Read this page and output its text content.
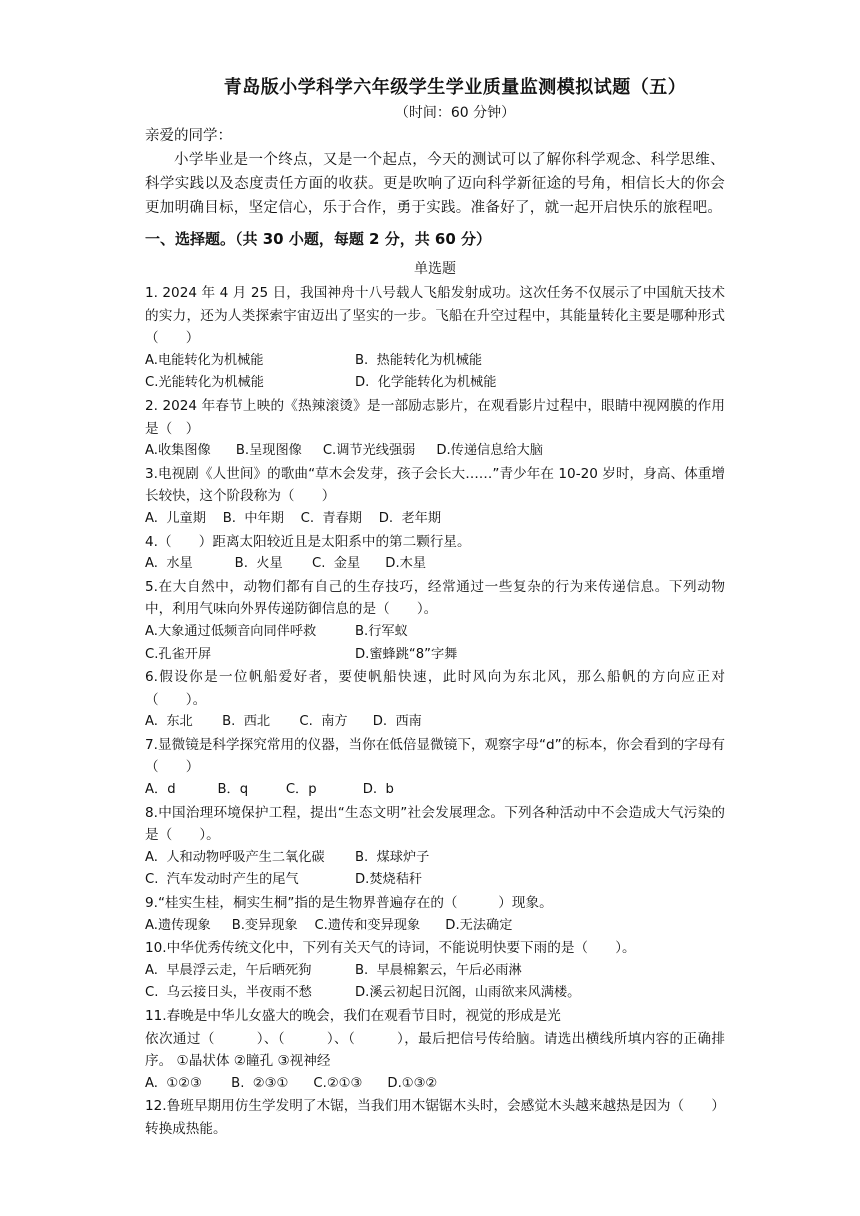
青岛版小学科学六年级学生学业质量监测模拟试题（五）
（时间：60 分钟）
亲爱的同学：
小学毕业是一个终点，又是一个起点，今天的测试可以了解你科学观念、科学思维、科学实践以及态度责任方面的收获。更是吹响了迈向科学新征途的号角，相信长大的你会更加明确目标，坚定信心，乐于合作，勇于实践。准备好了，就一起开启快乐的旅程吧。
一、选择题。（共 30 小题，每题 2 分，共 60 分）
单选题
1. 2024 年 4 月 25 日，我国神舟十八号载人飞船发射成功。这次任务不仅展示了中国航天技术的实力，还为人类探索宇宙迈出了坚实的一步。飞船在升空过程中，其能量转化主要是哪种形式（　　）
A.电能转化为机械能	B.  热能转化为机械能
C.光能转化为机械能	D.  化学能转化为机械能
2. 2024 年春节上映的《热辣滚烫》是一部励志影片，在观看影片过程中，眼睛中视网膜的作用是（　）
A.收集图像      B.呈现图像     C.调节光线强弱     D.传递信息给大脑
3.电视剧《人世间》的歌曲“草木会发芽，孩子会长大……”青少年在 10-20 岁时，身高、体重增长较快，这个阶段称为（　　）
A.  儿童期    B.  中年期    C.  青春期    D.  老年期
4.（　　）距离太阳较近且是太阳系中的第二颗行星。
A.  水星          B.  火星       C.  金星      D.木星
5.在大自然中，动物们都有自己的生存技巧，经常通过一些复杂的行为来传递信息。下列动物中，利用气味向外界传递防御信息的是（　　）。
A.大象通过低频音向同伴呼救	B.行军蚁
C.孔雀开屏	D.蜜蜂跳“8”字舞
6.假设你是一位帆船爱好者，要使帆船快速，此时风向为东北风，那么船帆的方向应正对（　　）。
A.  东北       B.  西北       C.  南方      D.  西南
7.显微镜是科学探究常用的仪器，当你在低倍显微镜下，观察字母“d”的标本，你会看到的字母有（　　）
A．d          B．q         C．p           D.  b
8.中国治理环境保护工程，提出“生态文明”社会发展理念。下列各种活动中不会造成大气污染的是（　　）。
A.  人和动物呼吸产生二氧化碳	B.  煤球炉子
C.  汽车发动时产生的尾气	D.焚烧秸秆
9.“桂实生桂，桐实生桐”指的是生物界普遍存在的（　　　）现象。
A.遗传现象     B.变异现象    C.遗传和变异现象      D.无法确定
10.中华优秀传统文化中，下列有关天气的诗词，不能说明快要下雨的是（　　）。
A.  早晨浮云走，午后晒死狗	B.  早晨棉絮云，午后必雨淋
C.  乌云接日头，半夜雨不愁	D.溪云初起日沉阁，山雨欲来风满楼。
11.春晚是中华儿女盛大的晚会，我们在观看节目时，视觉的形成是光
依次通过（　　　）、（　　　）、（　　　），最后把信号传给脑。请选出横线所填内容的正确排序。 ①晶状体 ②瞳孔 ③视神经
A.  ①②③       B.  ②③①      C.②①③      D.①③②
12.鲁班早期用仿生学发明了木锯，当我们用木锯锯木头时，会感觉木头越来越热是因为（　　）转换成热能。
